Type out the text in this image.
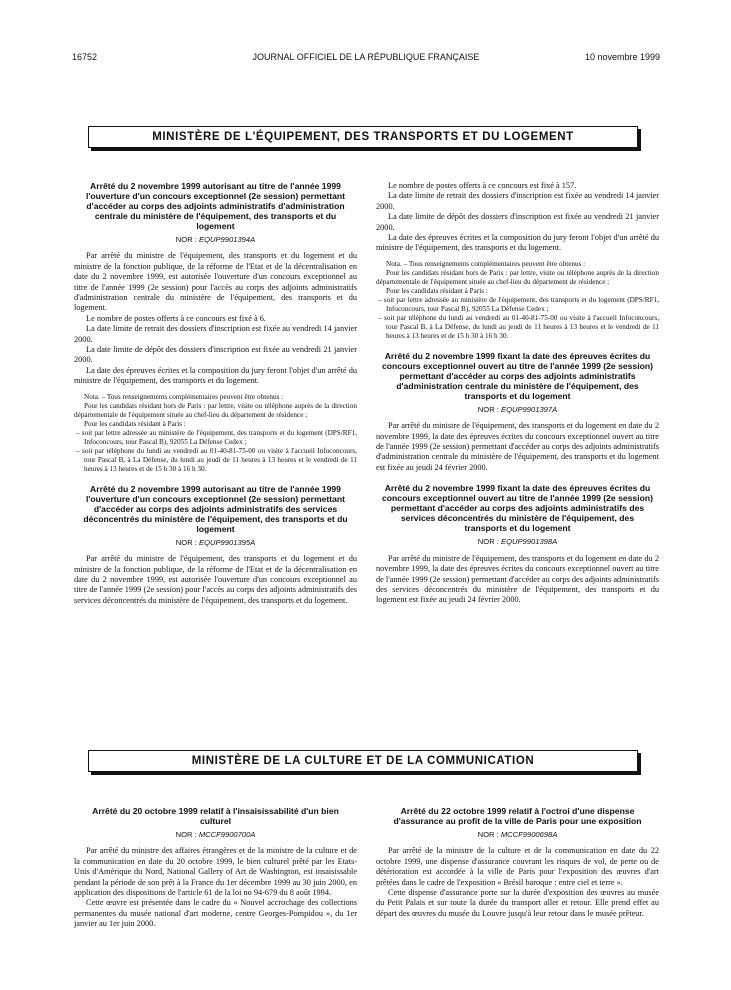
16752	JOURNAL OFFICIEL DE LA RÉPUBLIQUE FRANÇAISE	10 novembre 1999
MINISTÈRE DE L'ÉQUIPEMENT, DES TRANSPORTS ET DU LOGEMENT
Arrêté du 2 novembre 1999 autorisant au titre de l'année 1999 l'ouverture d'un concours exceptionnel (2e session) permettant d'accéder au corps des adjoints administratifs d'administration centrale du ministère de l'équipement, des transports et du logement
NOR : EQUP9901394A

Par arrêté du ministre de l'équipement, des transports et du logement et du ministre de la fonction publique, de la réforme de l'Etat et de la décentralisation en date du 2 novembre 1999, est autorisée l'ouverture d'un concours exceptionnel au titre de l'année 1999 (2e session) pour l'accès au corps des adjoints administratifs d'administration centrale du ministère de l'équipement, des transports et du logement.

Le nombre de postes offerts à ce concours est fixé à 6.

La date limite de retrait des dossiers d'inscription est fixée au vendredi 14 janvier 2000.

La date limite de dépôt des dossiers d'inscription est fixée au vendredi 21 janvier 2000.

La date des épreuves écrites et la composition du jury feront l'objet d'un arrêté du ministre de l'équipement, des transports et du logement.

Nota. – Tous renseignements complémentaires peuvent être obtenus :

Pour les candidats résidant hors de Paris : par lettre, visite ou téléphone auprès de la direction départementale de l'équipement située au chef-lieu du département de résidence ;

Pour les candidats résidant à Paris :

– soit par lettre adressée au ministère de l'équipement, des transports et du logement (DPS/RF1, Infoconcours, tour Pascal B), 92055 La Défense Cedex ;

– soit par téléphone du lundi au vendredi au 01-40-81-75-00 ou visite à l'accueil Infoconcours, tour Pascal B, à La Défense, du lundi au jeudi de 11 heures à 13 heures et le vendredi de 11 heures à 13 heures et de 15 h 30 à 16 h 30.

Arrêté du 2 novembre 1999 autorisant au titre de l'année 1999 l'ouverture d'un concours exceptionnel (2e session) permettant d'accéder au corps des adjoints administratifs des services déconcentrés du ministère de l'équipement, des transports et du logement
NOR : EQUP9901395A

Par arrêté du ministre de l'équipement, des transports et du logement et du ministre de la fonction publique, de la réforme de l'Etat et de la décentralisation en date du 2 novembre 1999, est autorisée l'ouverture d'un concours exceptionnel au titre de l'année 1999 (2e session) pour l'accès au corps des adjoints administratifs des services déconcentrés du ministère de l'équipement, des transports et du logement.

Le nombre de postes offerts à ce concours est fixé à 157.

La date limite de retrait des dossiers d'inscription est fixée au vendredi 14 janvier 2000.

La date limite de dépôt des dossiers d'inscription est fixée au vendredi 21 janvier 2000.

La date des épreuves écrites et la composition du jury feront l'objet d'un arrêté du ministre de l'équipement, des transports et du logement.

Nota. – Tous renseignements complémentaires peuvent être obtenus :

Pour les candidats résidant hors de Paris : par lettre, visite ou téléphone auprès de la direction départementale de l'équipement située au chef-lieu du département de résidence ;

Pour les candidats résidant à Paris :

– soit par lettre adressée au ministère de l'équipement, des transports et du logement (DPS/RF1, Infoconcours, tour Pascal B), 92055 La Défense Cedex ;

– soit par téléphone du lundi au vendredi au 01-40-81-75-00 ou visite à l'accueil Infoconcours, tour Pascal B, à La Défense, du lundi au jeudi de 11 heures à 13 heures et le vendredi de 11 heures à 13 heures et de 15 h 30 à 16 h 30.

Arrêté du 2 novembre 1999 fixant la date des épreuves écrites du concours exceptionnel ouvert au titre de l'année 1999 (2e session) permettant d'accéder au corps des adjoints administratifs d'administration centrale du ministère de l'équipement, des transports et du logement
NOR : EQUP9901397A

Par arrêté du ministre de l'équipement, des transports et du logement en date du 2 novembre 1999, la date des épreuves écrites du concours exceptionnel ouvert au titre de l'année 1999 (2e session) permettant d'accéder au corps des adjoints administratifs d'administration centrale du ministère de l'équipement, des transports et du logement est fixée au jeudi 24 février 2000.

Arrêté du 2 novembre 1999 fixant la date des épreuves écrites du concours exceptionnel ouvert au titre de l'année 1999 (2e session) permettant d'accéder au corps des adjoints administratifs des services déconcentrés du ministère de l'équipement, des transports et du logement
NOR : EQUP9901398A

Par arrêté du ministre de l'équipement, des transports et du logement en date du 2 novembre 1999, la date des épreuves écrites du concours exceptionnel ouvert au titre de l'année 1999 (2e session) permettant d'accéder au corps des adjoints administratifs des services déconcentrés du ministère de l'équipement, des transports et du logement est fixée au jeudi 24 février 2000.

MINISTÈRE DE LA CULTURE ET DE LA COMMUNICATION
Arrêté du 20 octobre 1999 relatif à l'insaisissabilité d'un bien culturel
NOR : MCCF9900700A

Par arrêté du ministre des affaires étrangères et de la ministre de la culture et de la communication en date du 20 octobre 1999, le bien culturel prêté par les Etats-Unis d'Amérique du Nord, National Gallery of Art de Washington, est insaisissable pendant la période de son prêt à la France du 1er décembre 1999 au 30 juin 2000, en application des dispositions de l'article 61 de la loi no 94-679 du 8 août 1994.

Cette œuvre est présentée dans le cadre du « Nouvel accrochage des collections permanentes du musée national d'art moderne, centre Georges-Pompidou », du 1er janvier au 1er juin 2000.

Arrêté du 22 octobre 1999 relatif à l'octroi d'une dispense d'assurance au profit de la ville de Paris pour une exposition
NOR : MCCF9900698A

Par arrêté de la ministre de la culture et de la communication en date du 22 octobre 1999, une dispense d'assurance couvrant les risques de vol, de perte ou de détérioration est accordée à la ville de Paris pour l'exposition des œuvres d'art prêtées dans le cadre de l'exposition « Brésil baroque : entre ciel et terre ».

Cette dispense d'assurance porte sur la durée d'exposition des œuvres au musée du Petit Palais et sur toute la durée du transport aller et retour. Elle prend effet au départ des œuvres du musée du Louvre jusqu'à leur retour dans le musée prêteur.
